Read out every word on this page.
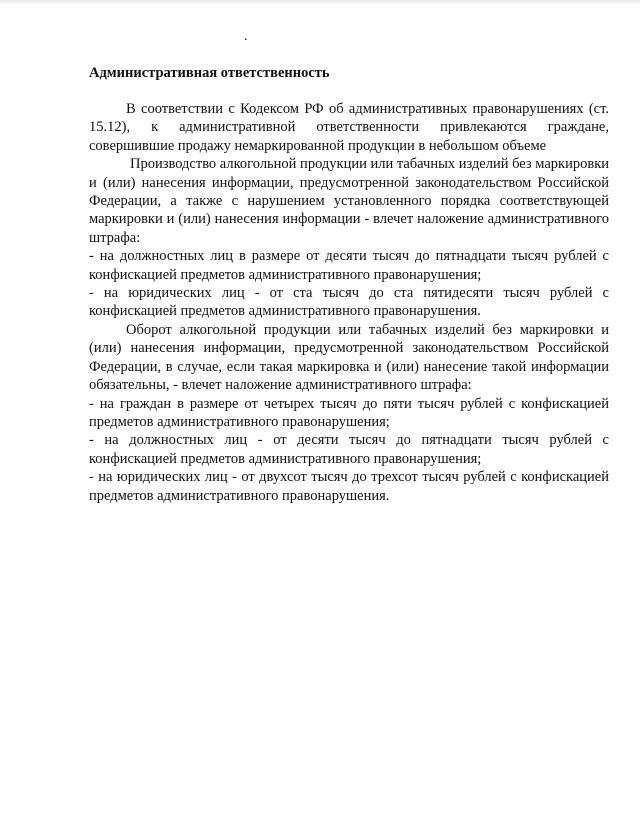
.
Административная ответственность

В соответствии с Кодексом РФ об административных правонарушениях (ст. 15.12), к административной ответственности привлекаются граждане, совершившие продажу немаркированной продукции в небольшом объеме

Производство алкогольной продукции или табачных изделий без маркировки и (или) нанесения информации, предусмотренной законодательством Российской Федерации, а также с нарушением установленного порядка соответствующей маркировки и (или) нанесения информации - влечет наложение административного штрафа:

- на должностных лиц в размере от десяти тысяч до пятнадцати тысяч рублей с конфискацией предметов административного правонарушения;

- на юридических лиц - от ста тысяч до ста пятидесяти тысяч рублей с конфискацией предметов административного правонарушения.

Оборот алкогольной продукции или табачных изделий без маркировки и (или) нанесения информации, предусмотренной законодательством Российской Федерации, в случае, если такая маркировка и (или) нанесение такой информации обязательны, - влечет наложение административного штрафа:

- на граждан в размере от четырех тысяч до пяти тысяч рублей с конфискацией предметов административного правонарушения;

- на должностных лиц - от десяти тысяч до пятнадцати тысяч рублей с конфискацией предметов административного правонарушения;

- на юридических лиц - от двухсот тысяч до трехсот тысяч рублей с конфискацией предметов административного правонарушения.
